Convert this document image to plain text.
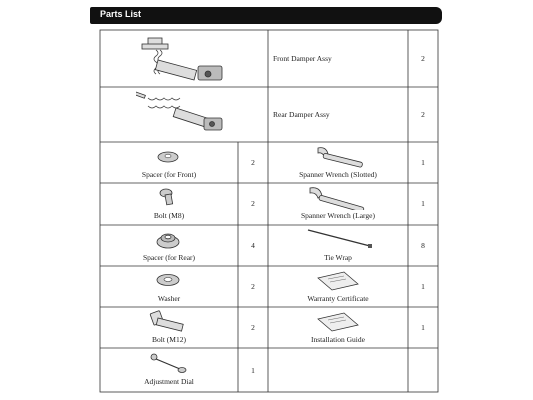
Parts List
Front Damper Assy	2
Rear Damper Assy	2
Spacer (for Front)
2
Spanner Wrench (Slotted)
1
Bolt (M8)
2
Spanner Wrench (Large)
1
Spacer (for Rear)
4
Tie Wrap
8
Washer
2
Warranty Certificate
1
Bolt (M12)
2
Installation Guide
1
Adjustment Dial
1
